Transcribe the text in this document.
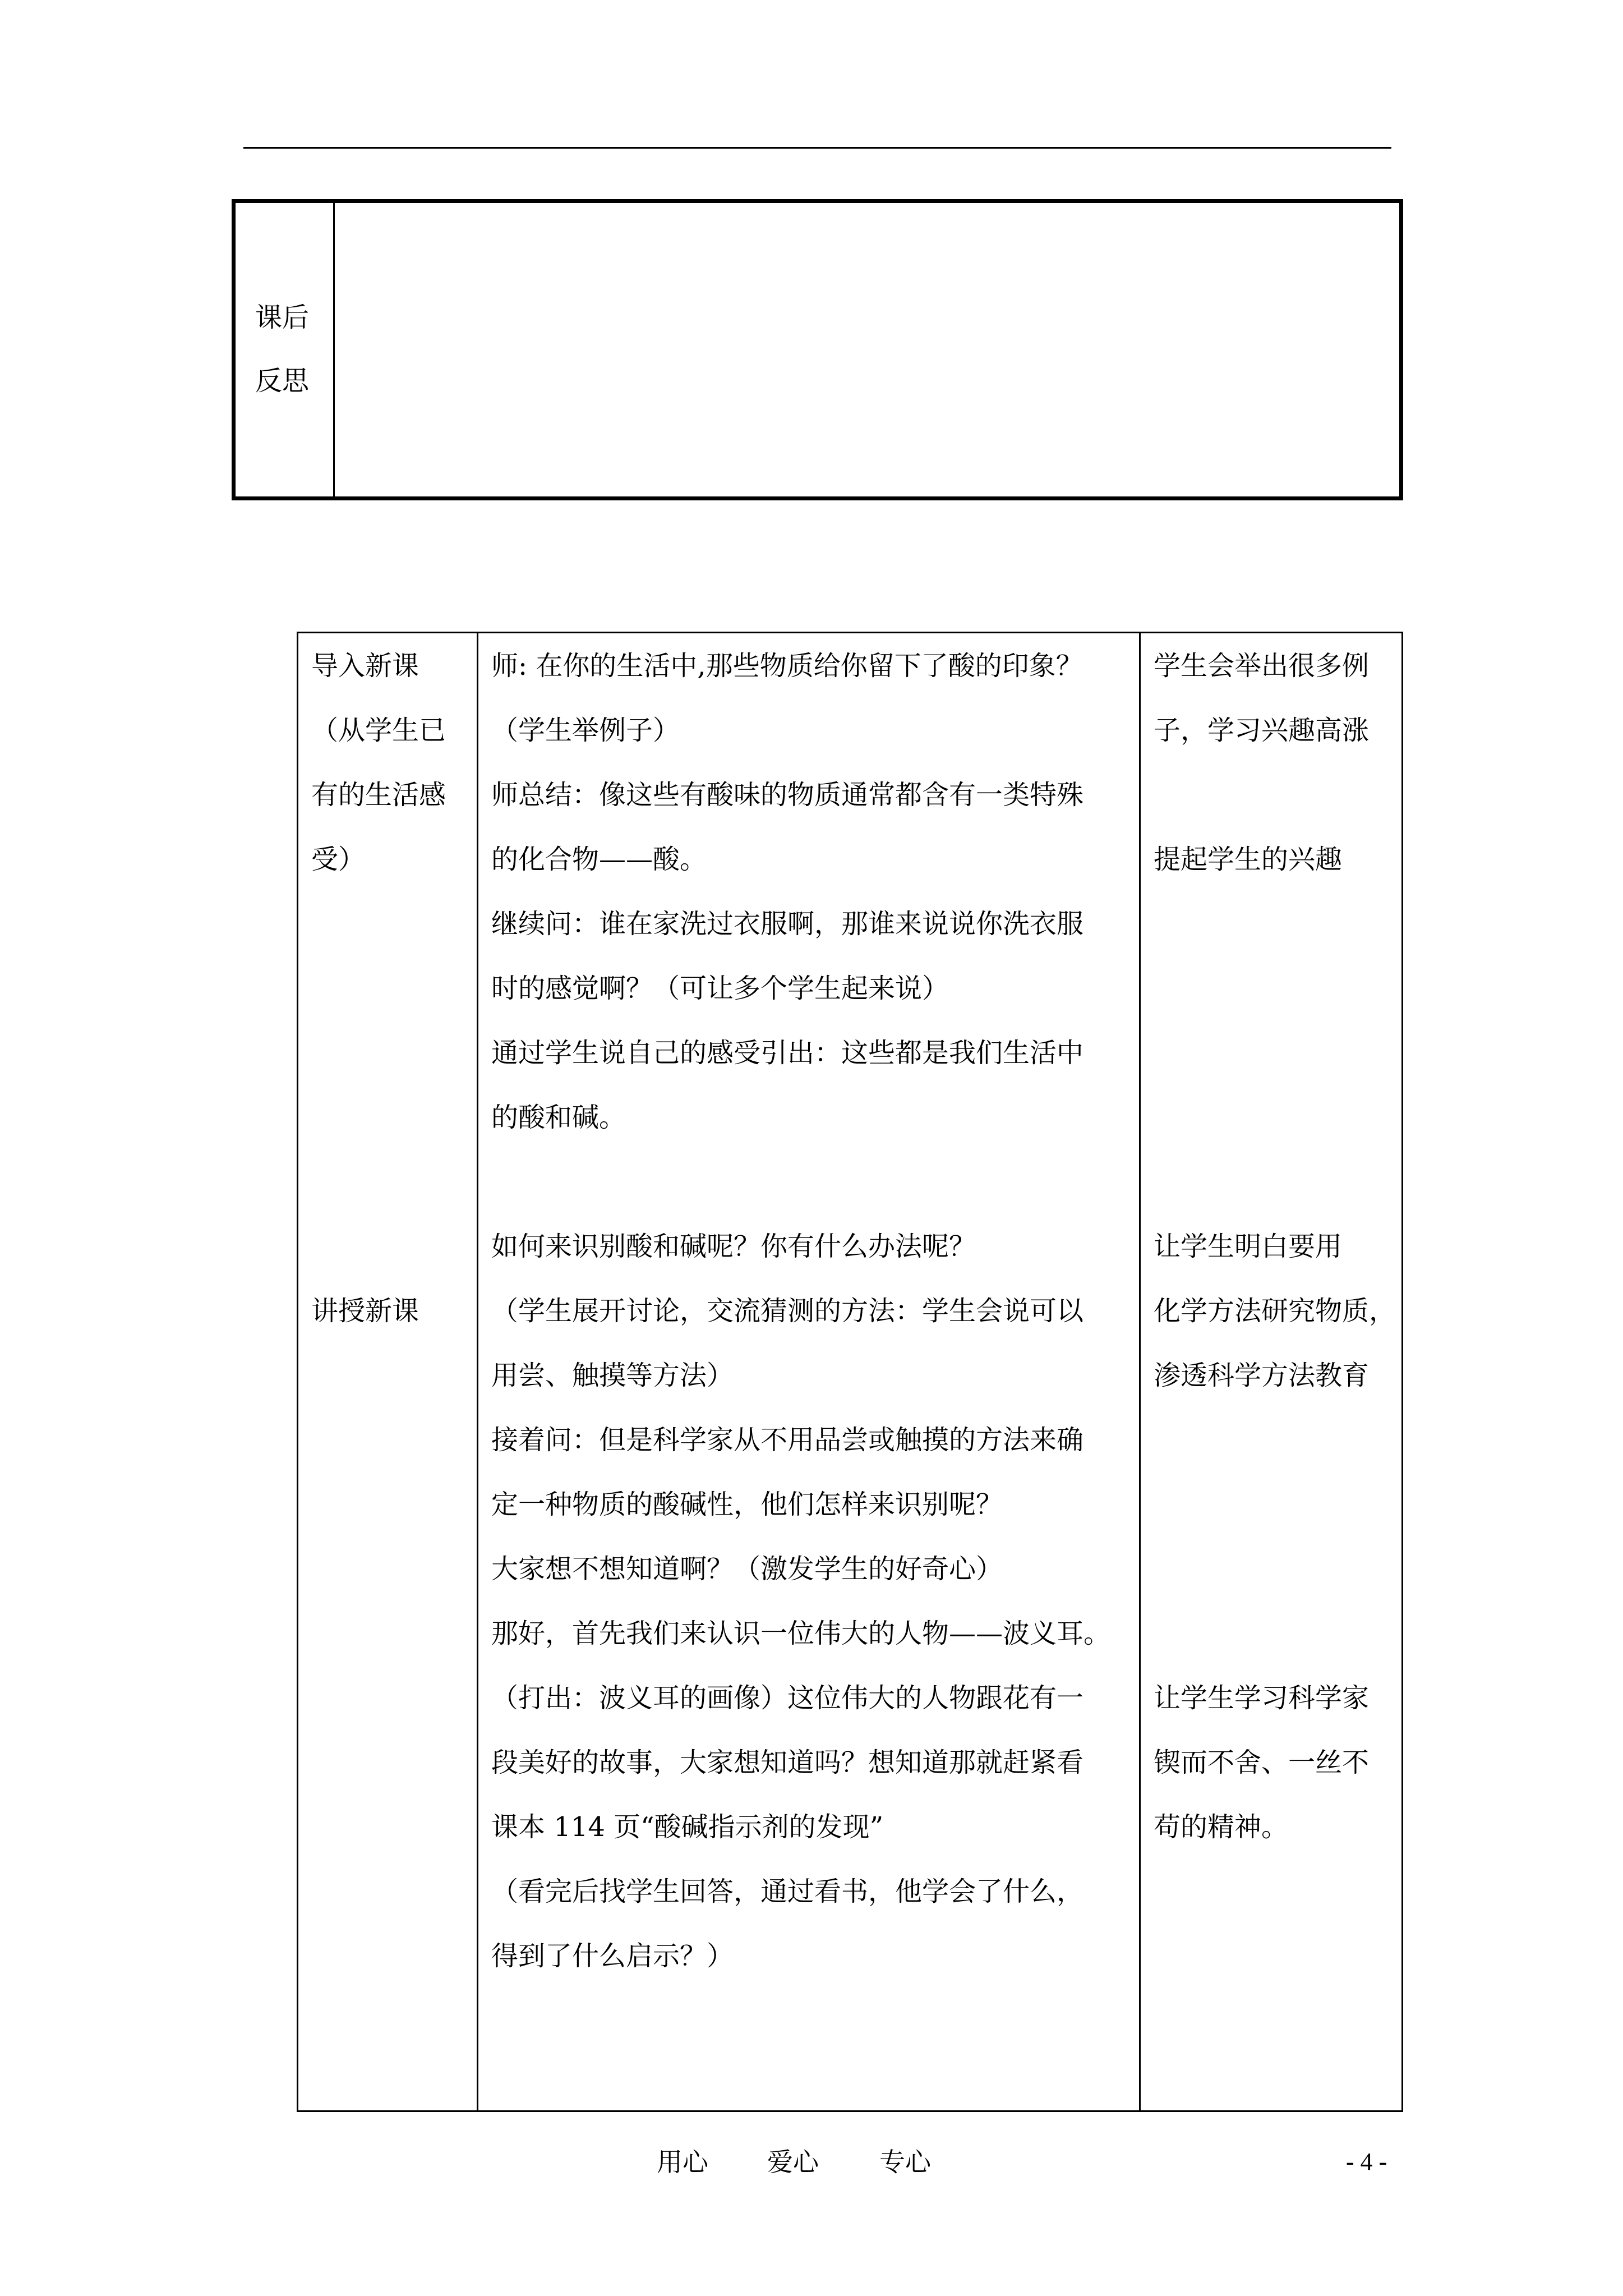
课后
反思
导入新课
（从学生已
有的生活感
受）
讲授新课
师: 在你的生活中,那些物质给你留下了酸的印象？
（学生举例子）
师总结：像这些有酸味的物质通常都含有一类特殊
的化合物——酸。
继续问：谁在家洗过衣服啊，那谁来说说你洗衣服
时的感觉啊？（可让多个学生起来说）
通过学生说自己的感受引出：这些都是我们生活中
的酸和碱。
如何来识别酸和碱呢？你有什么办法呢？
（学生展开讨论，交流猜测的方法：学生会说可以
用尝、触摸等方法）
接着问：但是科学家从不用品尝或触摸的方法来确
定一种物质的酸碱性，他们怎样来识别呢？
大家想不想知道啊？（激发学生的好奇心）
那好，首先我们来认识一位伟大的人物——波义耳。
（打出：波义耳的画像）这位伟大的人物跟花有一
段美好的故事，大家想知道吗？想知道那就赶紧看
课本 114 页“酸碱指示剂的发现”
（看完后找学生回答，通过看书，他学会了什么，
得到了什么启示？）
学生会举出很多例
子，学习兴趣高涨
提起学生的兴趣
让学生明白要用
化学方法研究物质，
渗透科学方法教育
让学生学习科学家
锲而不舍、一丝不
苟的精神。
用心 爱心 专心	- 4 -
